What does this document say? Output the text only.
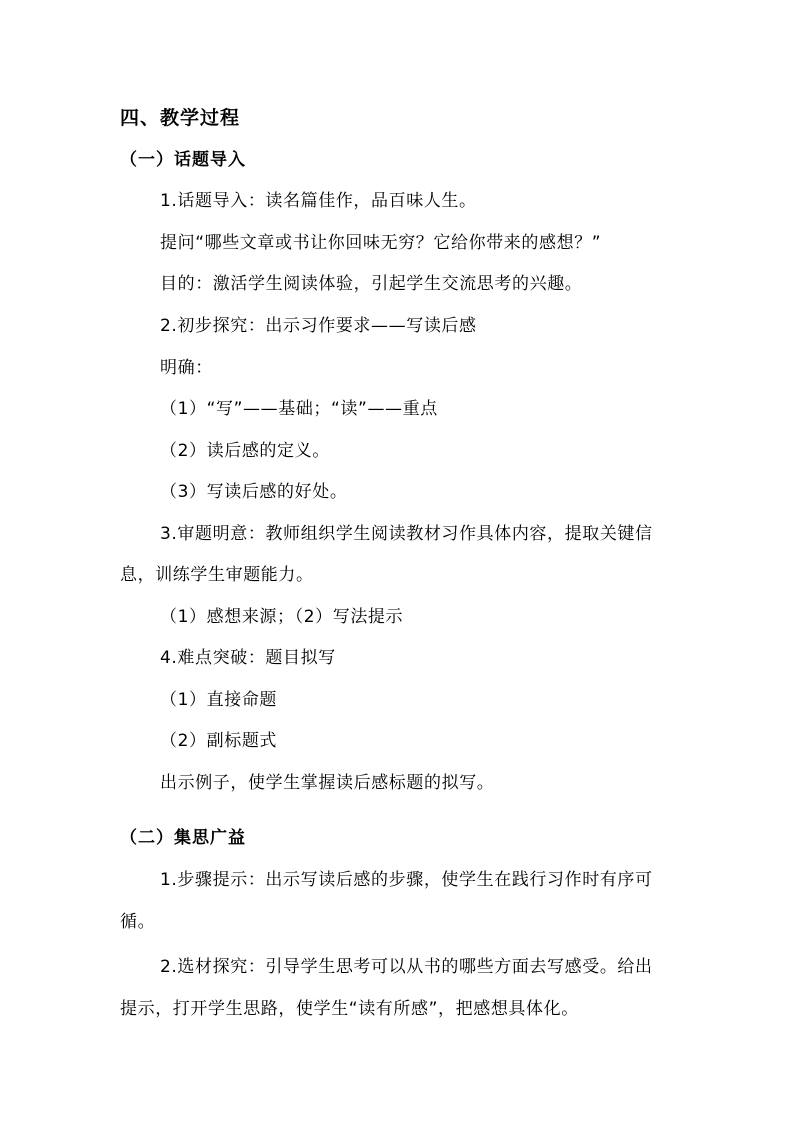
四、教学过程
（一）话题导入
1.话题导入：读名篇佳作，品百味人生。
提问“哪些文章或书让你回味无穷？它给你带来的感想？”
目的：激活学生阅读体验，引起学生交流思考的兴趣。
2.初步探究：出示习作要求——写读后感
明确：
（1）“写”——基础；“读”——重点
（2）读后感的定义。
（3）写读后感的好处。
3.审题明意：教师组织学生阅读教材习作具体内容，提取关键信
息，训练学生审题能力。
（1）感想来源；（2）写法提示
4.难点突破：题目拟写
（1）直接命题
（2）副标题式
出示例子，使学生掌握读后感标题的拟写。
（二）集思广益
1.步骤提示：出示写读后感的步骤，使学生在践行习作时有序可
循。
2.选材探究：引导学生思考可以从书的哪些方面去写感受。给出
提示，打开学生思路，使学生“读有所感”，把感想具体化。
